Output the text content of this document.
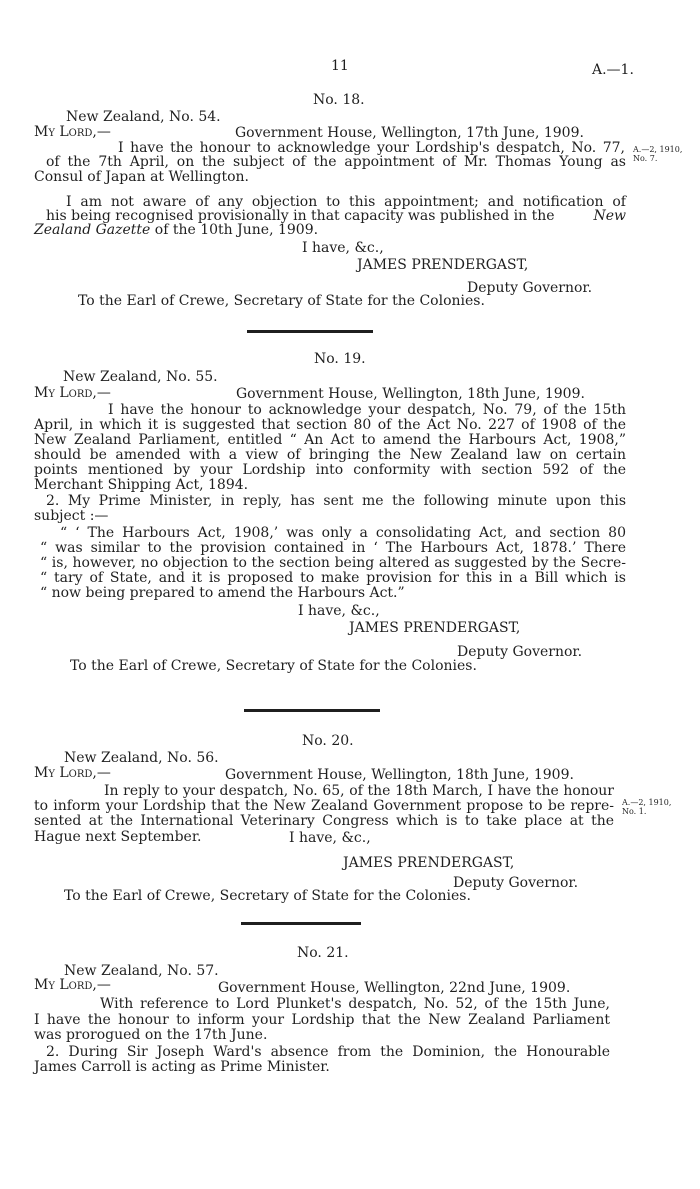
11	A.—1.
No. 18.
New Zealand, No. 54.
My Lord,—	Government House, Wellington, 17th June, 1909.
I have the honour to acknowledge your Lordship's despatch, No. 77,
of the 7th April, on the subject of the appointment of Mr. Thomas Young as
Consul of Japan at Wellington.
I am not aware of any objection to this appointment; and notification of
his being recognised provisionally in that capacity was published in the	New
Zealand Gazette of the 10th June, 1909.
A.—2, 1910,
No. 7.
I have, &c.,
JAMES PRENDERGAST,
Deputy Governor.
To the Earl of Crewe, Secretary of State for the Colonies.
No. 19.
New Zealand, No. 55.
My Lord,—	Government House, Wellington, 18th June, 1909.
I have the honour to acknowledge your despatch, No. 79, of the 15th
April, in which it is suggested that section 80 of the Act No. 227 of 1908 of the
New Zealand Parliament, entitled “ An Act to amend the Harbours Act, 1908,”
should be amended with a view of bringing the New Zealand law on certain
points mentioned by your Lordship into conformity with section 592 of the
Merchant Shipping Act, 1894.
2. My Prime Minister, in reply, has sent me the following minute upon this
subject :—
“ ‘ The Harbours Act, 1908,’ was only a consolidating Act, and section 80
“ was similar to the provision contained in ‘ The Harbours Act, 1878.’ There
“ is, however, no objection to the section being altered as suggested by the Secre-
“ tary of State, and it is proposed to make provision for this in a Bill which is
“ now being prepared to amend the Harbours Act.”
I have, &c.,
JAMES PRENDERGAST,
Deputy Governor.
To the Earl of Crewe, Secretary of State for the Colonies.
No. 20.
New Zealand, No. 56.
My Lord,—	Government House, Wellington, 18th June, 1909.
In reply to your despatch, No. 65, of the 18th March, I have the honour
to inform your Lordship that the New Zealand Government propose to be repre-
sented at the International Veterinary Congress which is to take place at the
Hague next September.	I have, &c.,
A.—2, 1910,
No. 1.
JAMES PRENDERGAST,
Deputy Governor.
To the Earl of Crewe, Secretary of State for the Colonies.
No. 21.
New Zealand, No. 57.
My Lord,—	Government House, Wellington, 22nd June, 1909.
With reference to Lord Plunket's despatch, No. 52, of the 15th June,
I have the honour to inform your Lordship that the New Zealand Parliament
was prorogued on the 17th June.
2. During Sir Joseph Ward's absence from the Dominion, the Honourable
James Carroll is acting as Prime Minister.
